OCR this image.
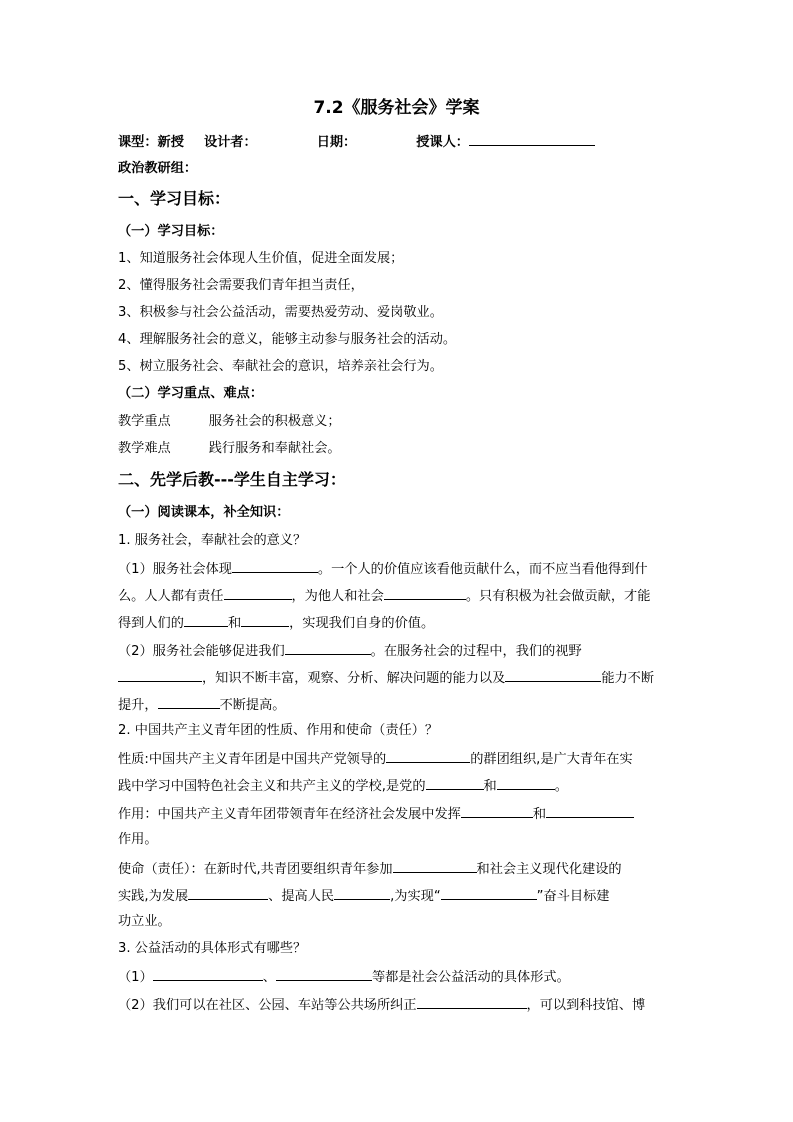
7.2《服务社会》学案
课型：新授 设计者：	日期：	授课人：
政治教研组：
一、学习目标：
（一）学习目标：
1、知道服务社会体现人生价值，促进全面发展；
2、懂得服务社会需要我们青年担当责任，
3、积极参与社会公益活动，需要热爱劳动、爱岗敬业。
4、理解服务社会的意义，能够主动参与服务社会的活动。
5、树立服务社会、奉献社会的意识，培养亲社会行为。
（二）学习重点、难点：
教学重点	服务社会的积极意义；
教学难点	践行服务和奉献社会。
二、先学后教---学生自主学习：
（一）阅读课本，补全知识：
1. 服务社会，奉献社会的意义？
（1）服务社会体现	。一个人的价值应该看他贡献什么，而不应当看他得到什
么。人人都有责任	，为他人和社会	。只有积极为社会做贡献，才能
得到人们的	和	，实现我们自身的价值。
（2）服务社会能够促进我们	。在服务社会的过程中，我们的视野
，知识不断丰富，观察、分析、解决问题的能力以及	能力不断
提升，	不断提高。
2. 中国共产主义青年团的性质、作用和使命（责任）？
性质:中国共产主义青年团是中国共产党领导的	的群团组织,是广大青年在实
践中学习中国特色社会主义和共产主义的学校,是党的	和	。
作用：中国共产主义青年团带领青年在经济社会发展中发挥	和
作用。
使命（责任）：在新时代,共青团要组织青年参加	和社会主义现代化建设的
实践,为发展	、提高人民	,为实现“	”奋斗目标建
功立业。
3. 公益活动的具体形式有哪些？
（1）	、	等都是社会公益活动的具体形式。
（2）我们可以在社区、公园、车站等公共场所纠正	，可以到科技馆、博
